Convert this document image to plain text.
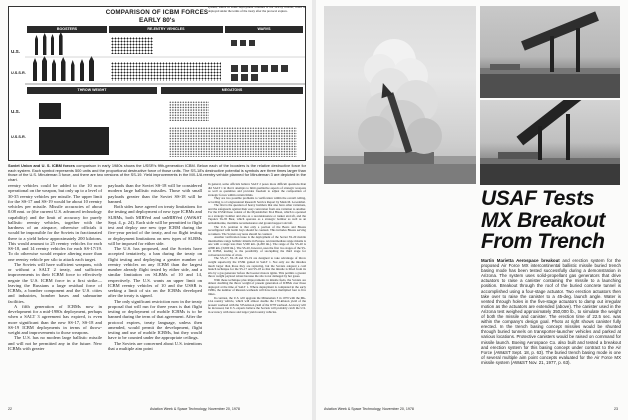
COMPARISON OF ICBM FORCES
EARLY 80's
BOOSTERS	RE-ENTRY VEHICLES	WARVS
U.S.
U.S.S.R.
U.S.
U.S.S.R.
THROW WEIGHT	MEGATONS
Soviet Union and U. S. ICBM forces comparison in early 1980s shows the USSR's fifth-generation ICBM. Below each of the boosters is the relative destructive force for each system. Each symbol represents 500 units and the proportional destructive force of those units. The SS-18's destructive potential is symbols are three times larger than those of the U.S. Minuteman 3 force, and there are two versions of the SS-19. Yield improvements in the MX-1/A reentry vehicle planned for Minuteman 3 are depicted in the chart.

reentry vehicles could be added to the 10 now operational on the weapon, but only up to a level of 30-35 reentry vehicles per missile. The upper limit for the SS-17 and SS-19 would be about 10 reentry vehicles per missile. Missile accuracies of about 0.08 nmi. or (the current U.S. advanced technology capability) and the limit of accuracy for purely ballistic reentry vehicles, together with the hardness of an airspace, otherwise officials it would be impossible for the Soviets in fractionated there to a yield below approximately 200 kilotons. This would amount to 25 reentry vehicles for each SS-18, and 14 reentry vehicles for each SS-17/19. To do otherwise would require altering more than one reentry vehicle per silo to attack each target.

The Soviets will have sufficient weapons, with or without a SALT 2 treaty, and sufficient improvements in their ICBM force to effectively negate the U.S. ICBM force in a first strike—leaving the Russians a large residual force of ICBMs, a bomber component and the U.S. cities and industries, bomber bases and submarine facilities.

A fifth generation of ICBMs now in development for a mid-1980s deployment, perhaps when a SALT 3 agreement has expired, is even more significant than the new SS-17, SS-18 and SS-19 ICBM deployments in terms of throw-weight and improvements to those weapons.

The U.S. has no modern large ballistic missile and will not be permitted any in the future. New ICBMs with greater

payloads than the Soviet SS-18 will be considered modern large ballistic missiles. Those with small payloads greater than the Soviet SS-18 will be banned.

Both sides have agreed on treaty limitations for the testing and deployment of new type ICBMs and SLBMs, both MIRVed and unMIRVed (AW&ST Sept. 4, p. 24). Each side will be permitted to flight test and deploy one new type ICBM during the five-year period of the treaty, and no flight testing or deployment limitations on new types of SLBMs will be imposed for either side.

The U.S. has proposed, and the Soviets have accepted tentatively, a ban during the treaty on flight testing and deploying a greater number of reentry vehicles on any ICBM than the largest number already flight tested by either side, and a similar limitation on SLBMs of 10 and 14, respectively. The U.S. wants an upper limit on ICBM reentry vehicles of 10 and the USSR is seeking a limit of six on the ICBMs developed after the treaty is signed.

The only significant restriction now in the treaty proposal that will run for three years is that flight testing or deployment of mobile ICBMs is to be banned during the term of that agreement. After the protocol expires, treaty language, unless then amended, would permit the development, flight testing and use of mobile ICBMs, but they would have to be counted under the appropriate ceilings.

The Soviets are concerned about U.S. intentions that a multiple aim point

22	Aviation Week & Space Technology, November 20, 1978

system, which in some deployment schemes is not strictly mobile, could be deployed under the terms of the treaty after the protocol expires.

In general, some officials believe SALT 2 poses more difficult questions than did SALT 1 in that it attempts to limit qualitative aspects of strategic weapons as well as quantities and provides freedom to adjust the composition of strategic forces within certain limits.

They are two possible problems to verification within the overall ceiling, according to a Congressional Research Service Report by Mark M. Lowenthal.

The first is the question of heavy bombers that also have other variations, and the safeguards against their easy conversion from one variation to another. For the USSR these consist of the Myasishchev M-4 Bison, which is operated as a strategic bomber and also as a reconnaissance or tanker aircraft, and the Tupolev Tu-95 Bear, which operates as a strategic bomber as well as an antisubmarine, maritime reconnaissance and ground support aircraft.

The U.S. position is that only a portion of the Bears and Bisons reconfigured with bomb bays should be counted. This includes Bisons serving as tankers. The Soviets say none should be counted.

Another verification issue is the deployment of the Soviet SS-20 mobile intermediate range ballistic missile in Europe. An intermediate range missile is one with a range less than 5,500 km. (4,200 mi.). The range of the SS-20 is 4,800 km. (3,000 mi.). The SS-20, however, uses the first two stages of the SS-16 ICBM, leading to the possibility of stockpiling the third stage for conversion in time of crisis.

The SS-17, SS-18 and SS-19 are designed to take advantage of throw weight superiority the USSR gained in SALT 1. Not only are the missiles much larger than those they are replacing, but the Soviets adopted a cold launch technique for the SS-17 and SS-18 so that the missile is lifted from its silo by a gas generator before the booster motors ignite. This permits a greater throw weight payload robust because the silo is not damaged by hot gases.

With these technique plus improvements in missile fuels, the Soviets are almost doubling the throw weight of present generation of ICBMs over those deployed at the time of SALT 1. Where deployment is completed in the early 1980s, the number of Russian warheads will have been multiplied four to five times.

In contrast, the U.S. will upgrade the Minuteman 3 in 1979 with the Mk-12A reentry vehicle, which will almost double the 170-kiloton yield of the present warhead with the 335-kiloton yield of the W78 warhead. Accuracy will be increased, but U.S. experts believe the Soviets will probably catch the U.S. in accuracy with more and larger yield reentry vehicles.

USAF Tests
MX Breakout
From Trench
Martin Marietta Aerospace breakout and erection system for the proposed Air Force MX intercontinental ballistic missile buried trench basing mode has been tested successfully during a demonstration in Arizona. The system uses solid-propellant gas generators that drive actuators to raise a canister containing the missile to a launching position. Breakout through the roof of the buried concrete tunnel is accomplished using a four-stage actuator. Two erection actuators then take over to raise the canister to a 45-deg. launch angle. Water is vented through holes in the five-stage actuators to damp out irregular motion as the actuators are extended (above). The canister used in the Arizona test weighed approximately 350,000 lb., to simulate the weight of both the missile and canister. The erection time of 22.5 sec. was within the company's design goal. Photo at right shows canister fully erected. In the trench basing concept missiles would be shunted through buried tunnels on transporter-launcher vehicles and parked at various locations. Protective canisters would be raised on command for missile launch. Boeing Aerospace Co. also built and tested a breakout and erection system for this basing concept under contract to the Air Force (AW&ST Sept. 18, p. 63). The buried trench basing mode is one of several multiple aim point concepts evaluated for the Air Force MX missile system (AW&ST Nov. 21, 1977, p. 63).
Aviation Week & Space Technology, November 20, 1978	23
